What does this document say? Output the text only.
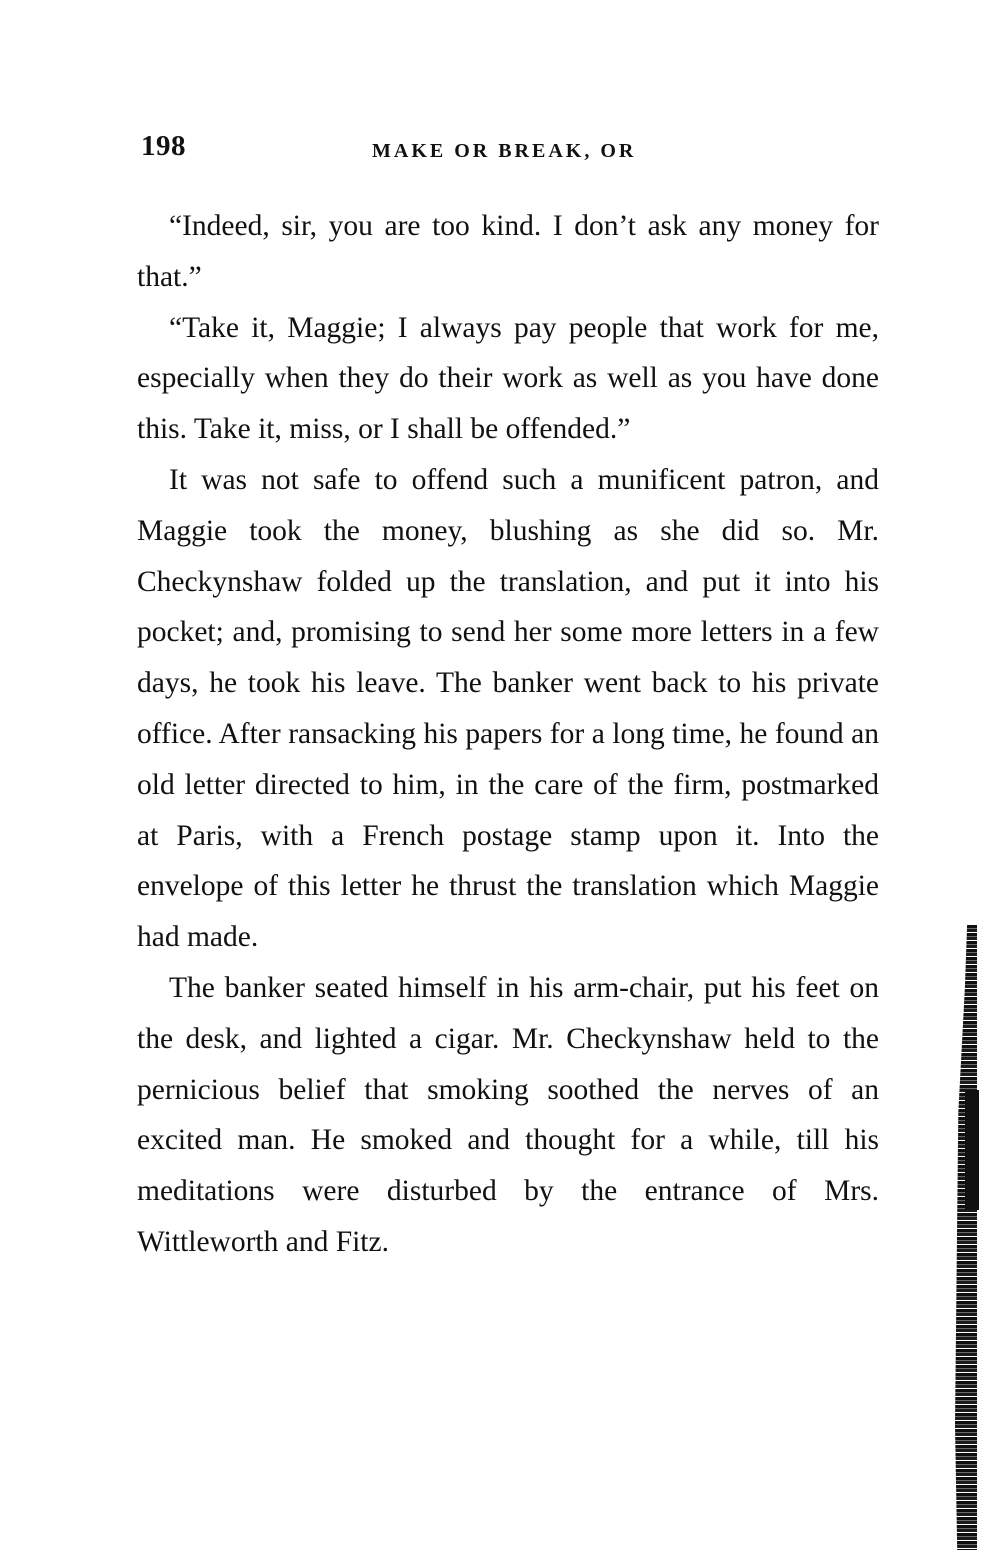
198	MAKE OR BREAK, OR

“Indeed, sir, you are too kind. I don’t ask any money for that.”

“Take it, Maggie; I always pay people that work for me, especially when they do their work as well as you have done this. Take it, miss, or I shall be offended.”

It was not safe to offend such a munificent patron, and Maggie took the money, blushing as she did so. Mr. Checkynshaw folded up the translation, and put it into his pocket; and, promising to send her some more letters in a few days, he took his leave. The banker went back to his private office. After ransacking his papers for a long time, he found an old letter directed to him, in the care of the firm, postmarked at Paris, with a French postage stamp upon it. Into the envelope of this letter he thrust the translation which Maggie had made.

The banker seated himself in his arm-chair, put his feet on the desk, and lighted a cigar. Mr. Checkynshaw held to the pernicious belief that smoking soothed the nerves of an excited man. He smoked and thought for a while, till his meditations were disturbed by the entrance of Mrs. Wittleworth and Fitz.
